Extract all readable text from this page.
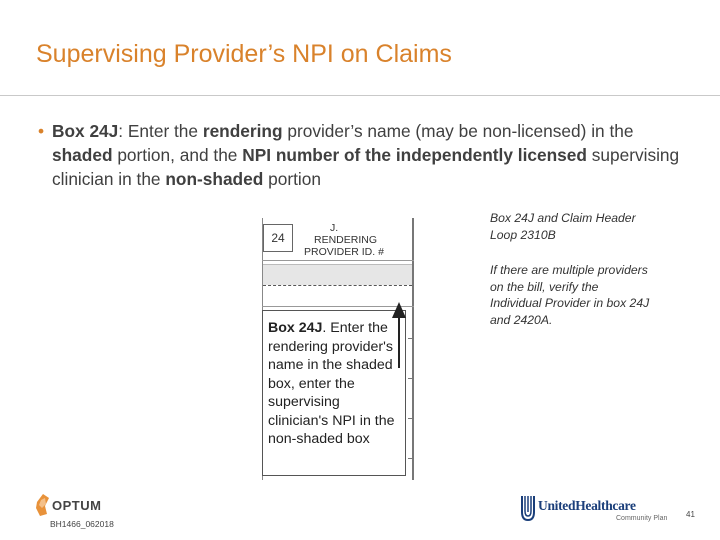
Supervising Provider’s NPI on Claims
• Box 24J: Enter the rendering provider’s name (may be non-licensed) in the shaded portion, and the NPI number of the independently licensed supervising clinician in the non-shaded portion
24
J.
RENDERING
PROVIDER ID. #
Box 24J. Enter the rendering provider's name in the shaded box, enter the supervising clinician's NPI in the non-shaded box
Box 24J and Claim Header Loop 2310B
If there are multiple providers on the bill, verify the Individual Provider in box 24J and 2420A.
OPTUM
BH1466_062018
UnitedHealthcare
Community Plan 41
